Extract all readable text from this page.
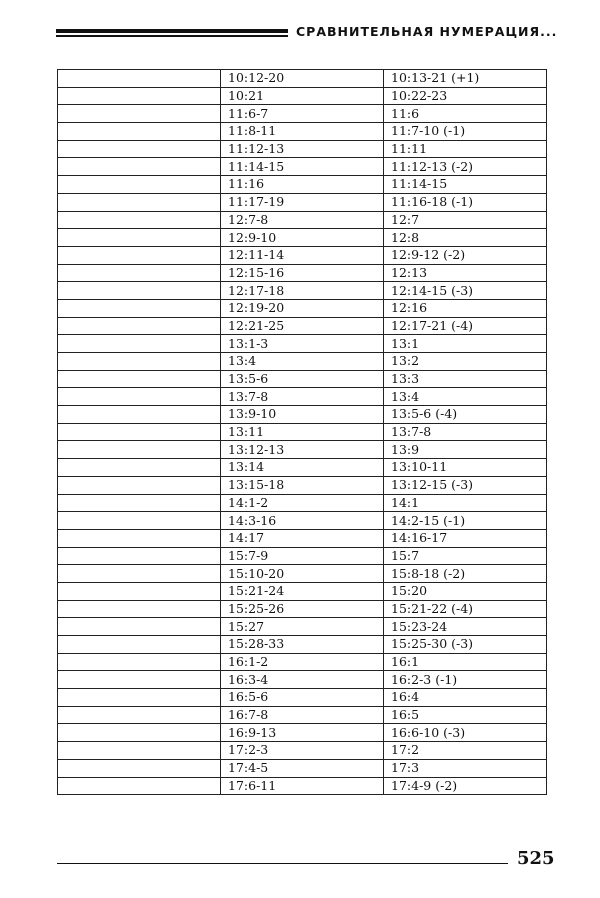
СРАВНИТЕЛЬНАЯ НУМЕРАЦИЯ...
	10:12-20	10:13-21 (+1)
	10:21	10:22-23
	11:6-7	11:6
	11:8-11	11:7-10 (-1)
	11:12-13	11:11
	11:14-15	11:12-13 (-2)
	11:16	11:14-15
	11:17-19	11:16-18 (-1)
	12:7-8	12:7
	12:9-10	12:8
	12:11-14	12:9-12 (-2)
	12:15-16	12:13
	12:17-18	12:14-15 (-3)
	12:19-20	12:16
	12:21-25	12:17-21 (-4)
	13:1-3	13:1
	13:4	13:2
	13:5-6	13:3
	13:7-8	13:4
	13:9-10	13:5-6 (-4)
	13:11	13:7-8
	13:12-13	13:9
	13:14	13:10-11
	13:15-18	13:12-15 (-3)
	14:1-2	14:1
	14:3-16	14:2-15 (-1)
	14:17	14:16-17
	15:7-9	15:7
	15:10-20	15:8-18 (-2)
	15:21-24	15:20
	15:25-26	15:21-22 (-4)
	15:27	15:23-24
	15:28-33	15:25-30 (-3)
	16:1-2	16:1
	16:3-4	16:2-3 (-1)
	16:5-6	16:4
	16:7-8	16:5
	16:9-13	16:6-10 (-3)
	17:2-3	17:2
	17:4-5	17:3
	17:6-11	17:4-9 (-2)
525
